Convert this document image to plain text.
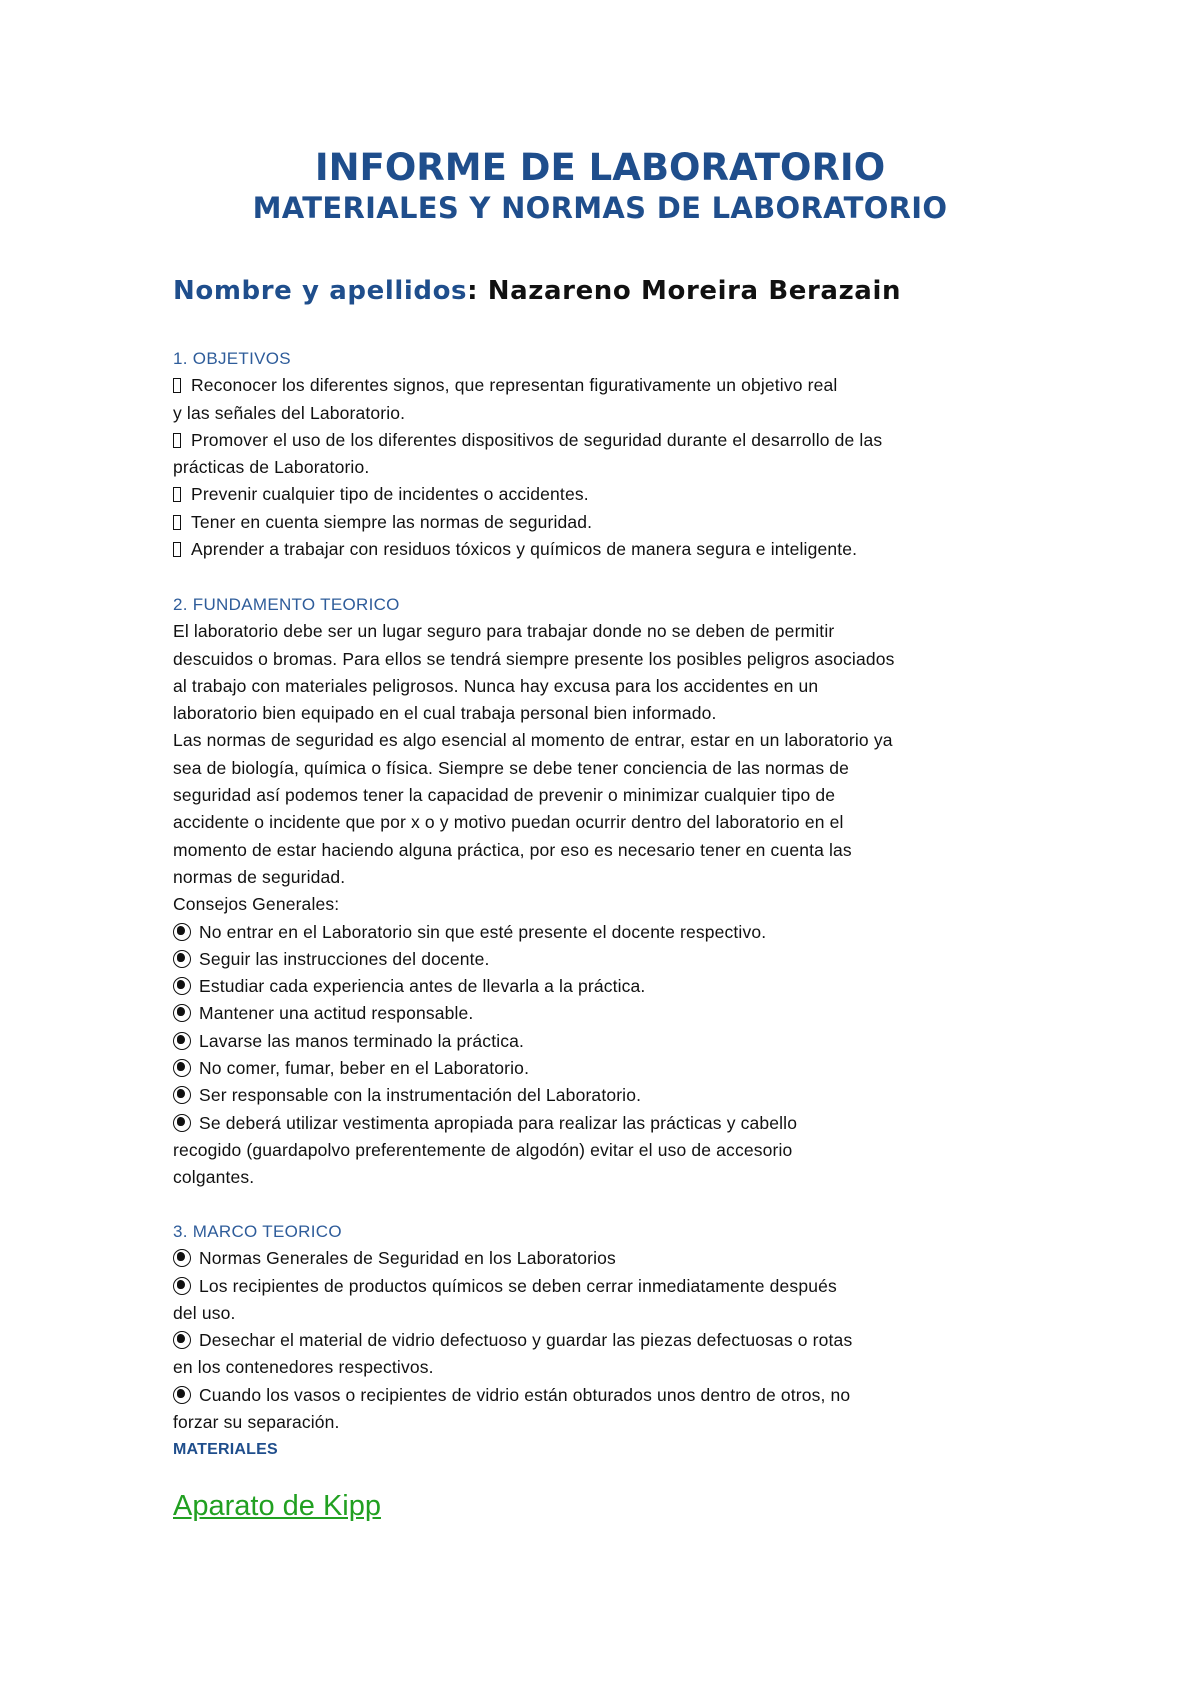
INFORME DE LABORATORIO
MATERIALES Y NORMAS DE LABORATORIO
Nombre y apellidos: Nazareno Moreira Berazain

1. OBJETIVOS

Reconocer los diferentes signos, que representan figurativamente un objetivo real
y las señales del Laboratorio.
Promover el uso de los diferentes dispositivos de seguridad durante el desarrollo de las
prácticas de Laboratorio.
Prevenir cualquier tipo de incidentes o accidentes.
Tener en cuenta siempre las normas de seguridad.
Aprender a trabajar con residuos tóxicos y químicos de manera segura e inteligente.

2. FUNDAMENTO TEORICO

El laboratorio debe ser un lugar seguro para trabajar donde no se deben de permitir
descuidos o bromas. Para ellos se tendrá siempre presente los posibles peligros asociados
al trabajo con materiales peligrosos. Nunca hay excusa para los accidentes en un
laboratorio bien equipado en el cual trabaja personal bien informado.
Las normas de seguridad es algo esencial al momento de entrar, estar en un laboratorio ya
sea de biología, química o física. Siempre se debe tener conciencia de las normas de
seguridad así podemos tener la capacidad de prevenir o minimizar cualquier tipo de
accidente o incidente que por x o y motivo puedan ocurrir dentro del laboratorio en el
momento de estar haciendo alguna práctica, por eso es necesario tener en cuenta las
normas de seguridad.
Consejos Generales:
No entrar en el Laboratorio sin que esté presente el docente respectivo.
Seguir las instrucciones del docente.
Estudiar cada experiencia antes de llevarla a la práctica.
Mantener una actitud responsable.
Lavarse las manos terminado la práctica.
No comer, fumar, beber en el Laboratorio.
Ser responsable con la instrumentación del Laboratorio.
Se deberá utilizar vestimenta apropiada para realizar las prácticas y cabello
recogido (guardapolvo preferentemente de algodón) evitar el uso de accesorio
colgantes.

3. MARCO TEORICO

Normas Generales de Seguridad en los Laboratorios
Los recipientes de productos químicos se deben cerrar inmediatamente después
del uso.
Desechar el material de vidrio defectuoso y guardar las piezas defectuosas o rotas
en los contenedores respectivos.
Cuando los vasos o recipientes de vidrio están obturados unos dentro de otros, no
forzar su separación.
MATERIALES
Aparato de Kipp
